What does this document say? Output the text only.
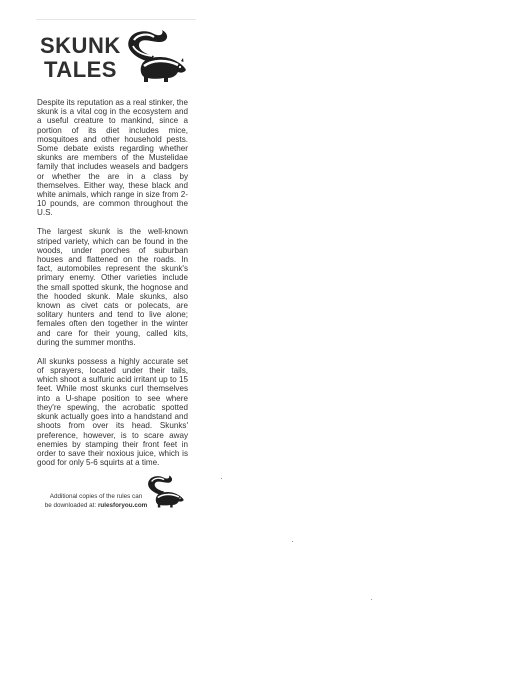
SKUNK
TALES

Despite its reputation as a real stinker, the skunk is a vital cog in the ecosystem and a useful creature to mankind, since a portion of its diet includes mice, mosquitoes and other household pests. Some debate exists regarding whether skunks are members of the Mustelidae family that includes weasels and badgers or whether the are in a class by themselves. Either way, these black and white animals, which range in size from 2-10 pounds, are common throughout the U.S.

The largest skunk is the well-known striped variety, which can be found in the woods, under porches of suburban houses and flattened on the roads. In fact, automobiles represent the skunk's primary enemy. Other varieties include the small spotted skunk, the hognose and the hooded skunk. Male skunks, also known as civet cats or polecats, are solitary hunters and tend to live alone; females often den together in the winter and care for their young, called kits, during the summer months.

All skunks possess a highly accurate set of sprayers, located under their tails, which shoot a sulfuric acid irritant up to 15 feet. While most skunks curl themselves into a U-shape position to see where they're spewing, the acrobatic spotted skunk actually goes into a handstand and shoots from over its head. Skunks' preference, however, is to scare away enemies by stamping their front feet in order to save their noxious juice, which is good for only 5-6 squirts at a time.

Additional copies of the rules can
be downloaded at: rulesforyou.com
